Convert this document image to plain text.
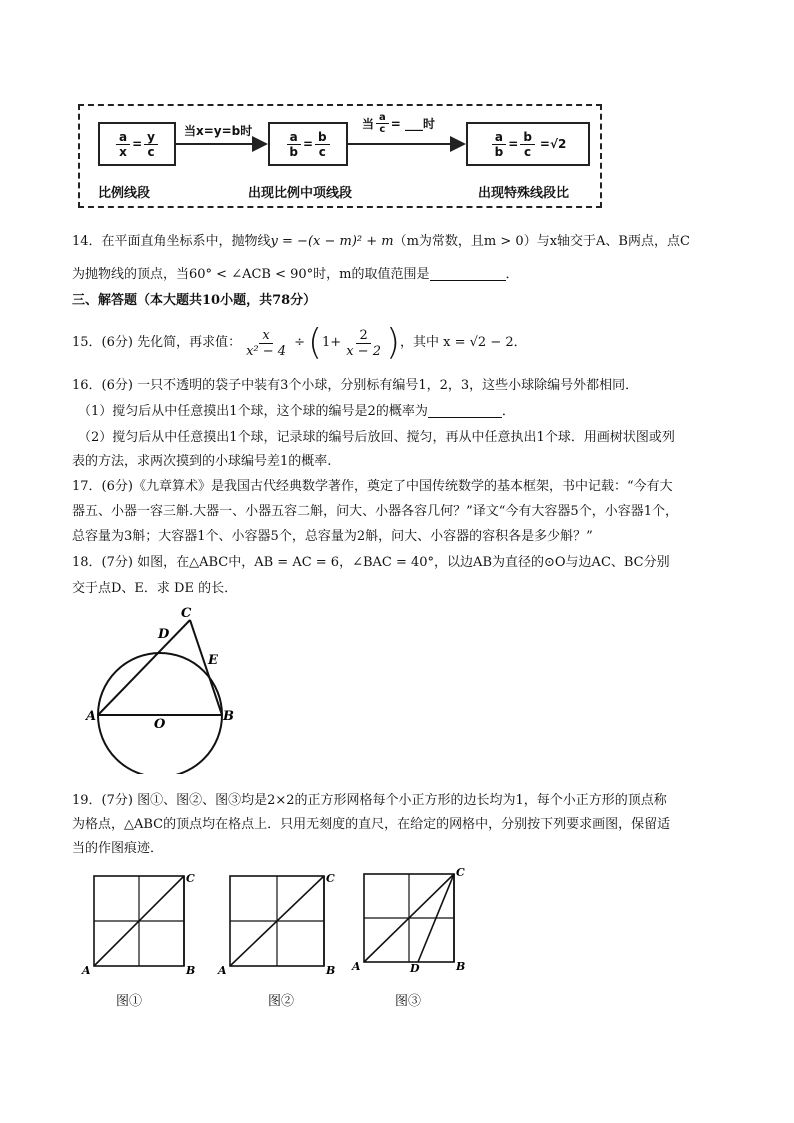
$\frac{a}{x} = \frac{y}{c}$ 当x=y=b时	$\frac{a}{b} = \frac{b}{c}$
当 $\frac{a}{c}$ = ___时
$\frac{a}{b} = \frac{b}{c} =√2$
比例线段	出现比例中项线段	出现特殊线段比
14．在平面直角坐标系中，抛物线y = −(x − m)² + m（m为常数，且m > 0）与x轴交于A、B两点，点C
为抛物线的顶点，当60° < ∠ACB < 90°时，m的取值范围是	．
三、解答题（本大题共10小题，共78分）
15．(6分) 先化简，再求值： $\frac{x}{\text{x² − 4}}$ ÷ ( $1+ \frac{2}{x - 2}$ ) ，其中 x = √2 − 2．
16．(6分) 一只不透明的袋子中装有3个小球，分别标有编号1，2，3，这些小球除编号外都相同．
（1）搅匀后从中任意摸出1个球，这个球的编号是2的概率为	．
（2）搅匀后从中任意摸出1个球，记录球的编号后放回、搅匀，再从中任意执出1个球．用画树状图或列
表的方法，求两次摸到的小球编号差1的概率.
17．(6分)《九章算术》是我国古代经典数学著作，奠定了中国传统数学的基本框架，书中记载：“今有大
器五、小器一容三斛.大器一、小器五容二斛，问大、小器各容几何？”译文“今有大容器5个，小容器1个，
总容量为3斛；大容器1个、小容器5个，总容量为2斛，问大、小容器的容积各是多少斛？”
18．(7分) 如图，在△ABC中，AB = AC = 6，∠BAC = 40°，以边AB为直径的⊙O与边AC、BC分别
交于点D、E．求 DE 的长．
A
O
B
C
D
E
19．(7分) 图①、图②、图③均是2×2的正方形网格每个小正方形的边长均为1，每个小正方形的顶点称
为格点，△ABC的顶点均在格点上．只用无刻度的直尺，在给定的网格中，分别按下列要求画图，保留适
当的作图痕迹．
A	B
C
图①
A	B
C
图②
A	B
C
D
图③
